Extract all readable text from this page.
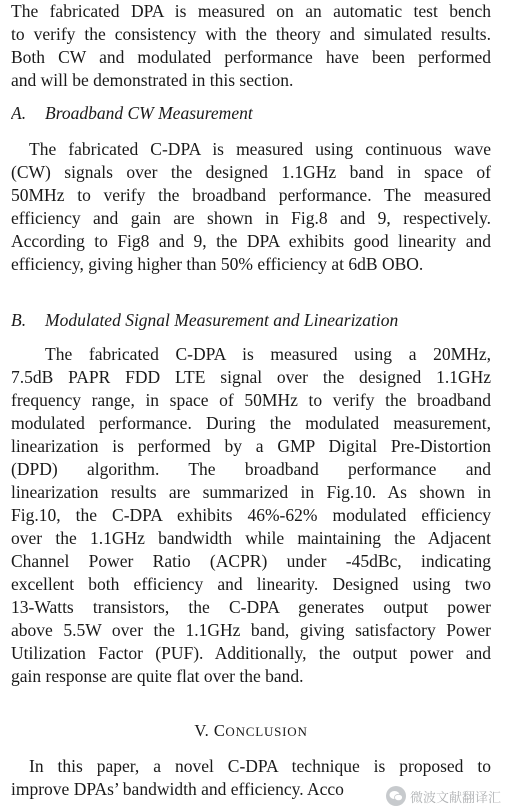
The fabricated DPA is measured on an automatic test bench
to verify the consistency with the theory and simulated results.
Both CW and modulated performance have been performed
and will be demonstrated in this section.
A. Broadband CW Measurement
The fabricated C-DPA is measured using continuous wave
(CW) signals over the designed 1.1GHz band in space of
50MHz to verify the broadband performance. The measured
efficiency and gain are shown in Fig.8 and 9, respectively.
According to Fig8 and 9, the DPA exhibits good linearity and
efficiency, giving higher than 50% efficiency at 6dB OBO.
B. Modulated Signal Measurement and Linearization
The fabricated C-DPA is measured using a 20MHz,
7.5dB PAPR FDD LTE signal over the designed 1.1GHz
frequency range, in space of 50MHz to verify the broadband
modulated performance. During the modulated measurement,
linearization is performed by a GMP Digital Pre-Distortion
(DPD) algorithm. The broadband performance and
linearization results are summarized in Fig.10. As shown in
Fig.10, the C-DPA exhibits 46%-62% modulated efficiency
over the 1.1GHz bandwidth while maintaining the Adjacent
Channel Power Ratio (ACPR) under -45dBc, indicating
excellent both efficiency and linearity. Designed using two
13-Watts transistors, the C-DPA generates output power
above 5.5W over the 1.1GHz band, giving satisfactory Power
Utilization Factor (PUF). Additionally, the output power and
gain response are quite flat over the band.
V. CONCLUSION
In this paper, a novel C-DPA technique is proposed to
improve DPAs’ bandwidth and efficiency. Acco	微波文献翻译汇
